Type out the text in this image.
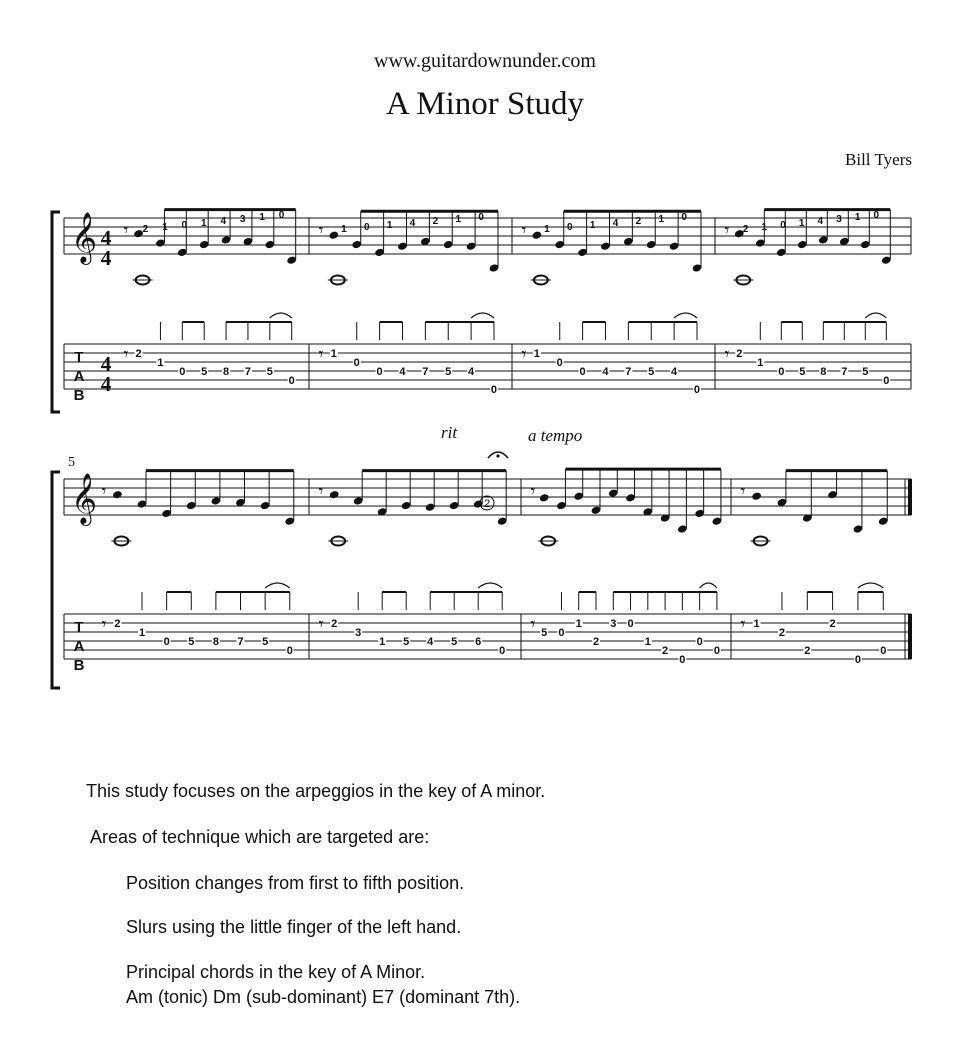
www.guitardownunder.com
A Minor Study
Bill Tyers
𝄞
𝄞
2
1
0 5 8 7 5
0
𝄾
𝄾
1
0
0 4 7 5 4
0
𝄾
𝄾
1
0
0 4 7 5 4
0
𝄾
𝄾
2
1
0 5 8 7 5
0
𝄾
𝄾
2
1
0 5 8 7 5
0
𝄾
𝄾
2
3
1 5 4 5 6
0
𝄾
𝄾
5 0
1
2
3 0
1
2
0
0
0
𝄾
𝄾
1
2
2
2
0
0
𝄾
𝄾
2 1 0 1 4 3 1 0
1 0 1 4 2 1 0
1 0 1 4 2 1 0
2 1 0 1 4 3 1 0
5
rit	a tempo
2
4
4
4
4
T
A
B
T
A
B
This study focuses on the arpeggios in the key of A minor.
Areas of technique which are targeted are:
Position changes from first to fifth position.
Slurs using the little finger of the left hand.
Principal chords in the key of A Minor.
Am (tonic) Dm (sub-dominant) E7 (dominant 7th).
